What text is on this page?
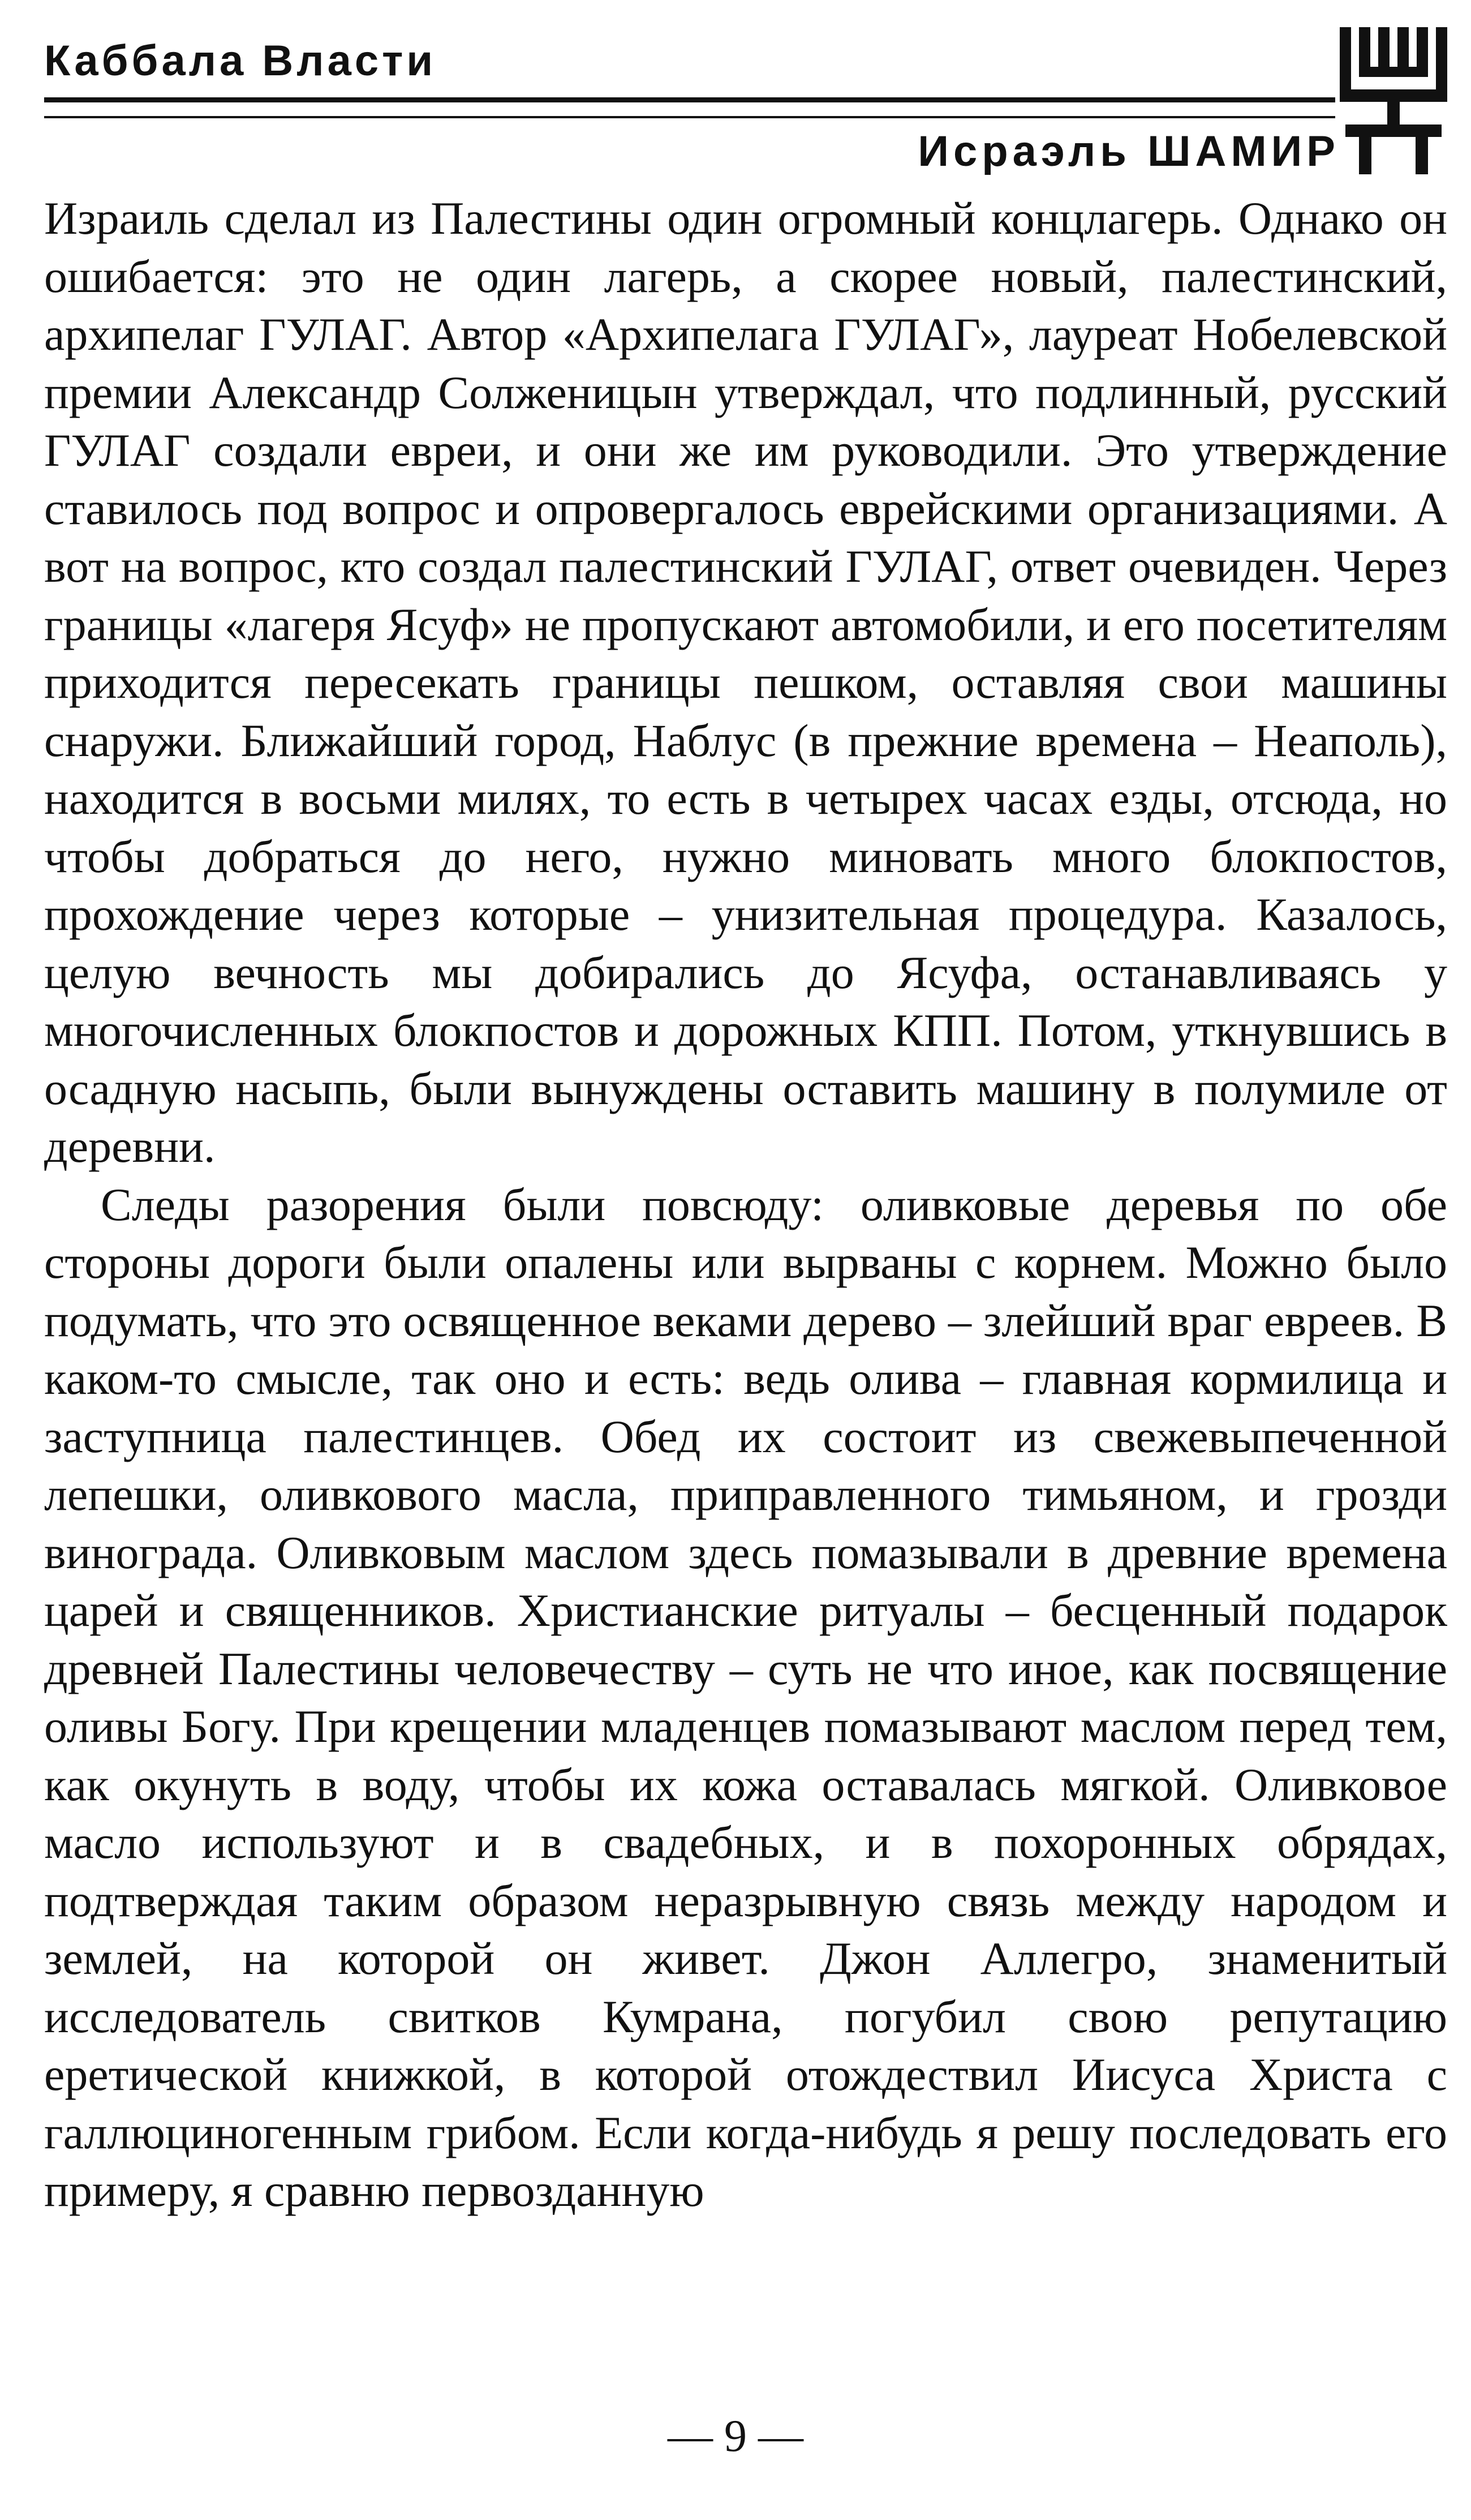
Каббала Власти
Исраэль ШАМИР

Израиль сделал из Палестины один огромный концлагерь. Однако он ошибается: это не один лагерь, а скорее новый, палестинский, архипелаг ГУЛАГ. Автор «Архипелага ГУЛАГ», лауреат Нобелевской премии Александр Солженицын утверждал, что подлинный, русский ГУЛАГ создали евреи, и они же им руководили. Это утверждение ставилось под вопрос и опровергалось еврейскими организациями. А вот на вопрос, кто создал палестинский ГУЛАГ, ответ очевиден. Через границы «лагеря Ясуф» не пропускают автомобили, и его посетителям приходится пересекать границы пешком, оставляя свои машины снаружи. Ближайший город, Наблус (в прежние времена – Неаполь), находится в восьми милях, то есть в четырех часах езды, отсюда, но чтобы добраться до него, нужно миновать много блокпостов, прохождение через которые – унизительная процедура. Казалось, целую вечность мы добирались до Ясуфа, останавливаясь у многочисленных блокпостов и дорожных КПП. Потом, уткнувшись в осадную насыпь, были вынуждены оставить машину в полумиле от деревни.

Следы разорения были повсюду: оливковые деревья по обе стороны дороги были опалены или вырваны с корнем. Можно было подумать, что это освященное веками дерево – злейший враг евреев. В каком-то смысле, так оно и есть: ведь олива – главная кормилица и заступница палестинцев. Обед их состоит из свежевыпеченной лепешки, оливкового масла, приправленного тимьяном, и грозди винограда. Оливковым маслом здесь помазывали в древние времена царей и священников. Христианские ритуалы – бесценный подарок древней Палестины человечеству – суть не что иное, как посвящение оливы Богу. При крещении младенцев помазывают маслом перед тем, как окунуть в воду, чтобы их кожа оставалась мягкой. Оливковое масло используют и в свадебных, и в похоронных обрядах, подтверждая таким образом неразрывную связь между народом и землей, на которой он живет. Джон Аллегро, знаменитый исследователь свитков Кумрана, погубил свою репутацию еретической книжкой, в которой отождествил Иисуса Христа с галлюциногенным грибом. Если когда-нибудь я решу последовать его примеру, я сравню первозданную

— 9 —
